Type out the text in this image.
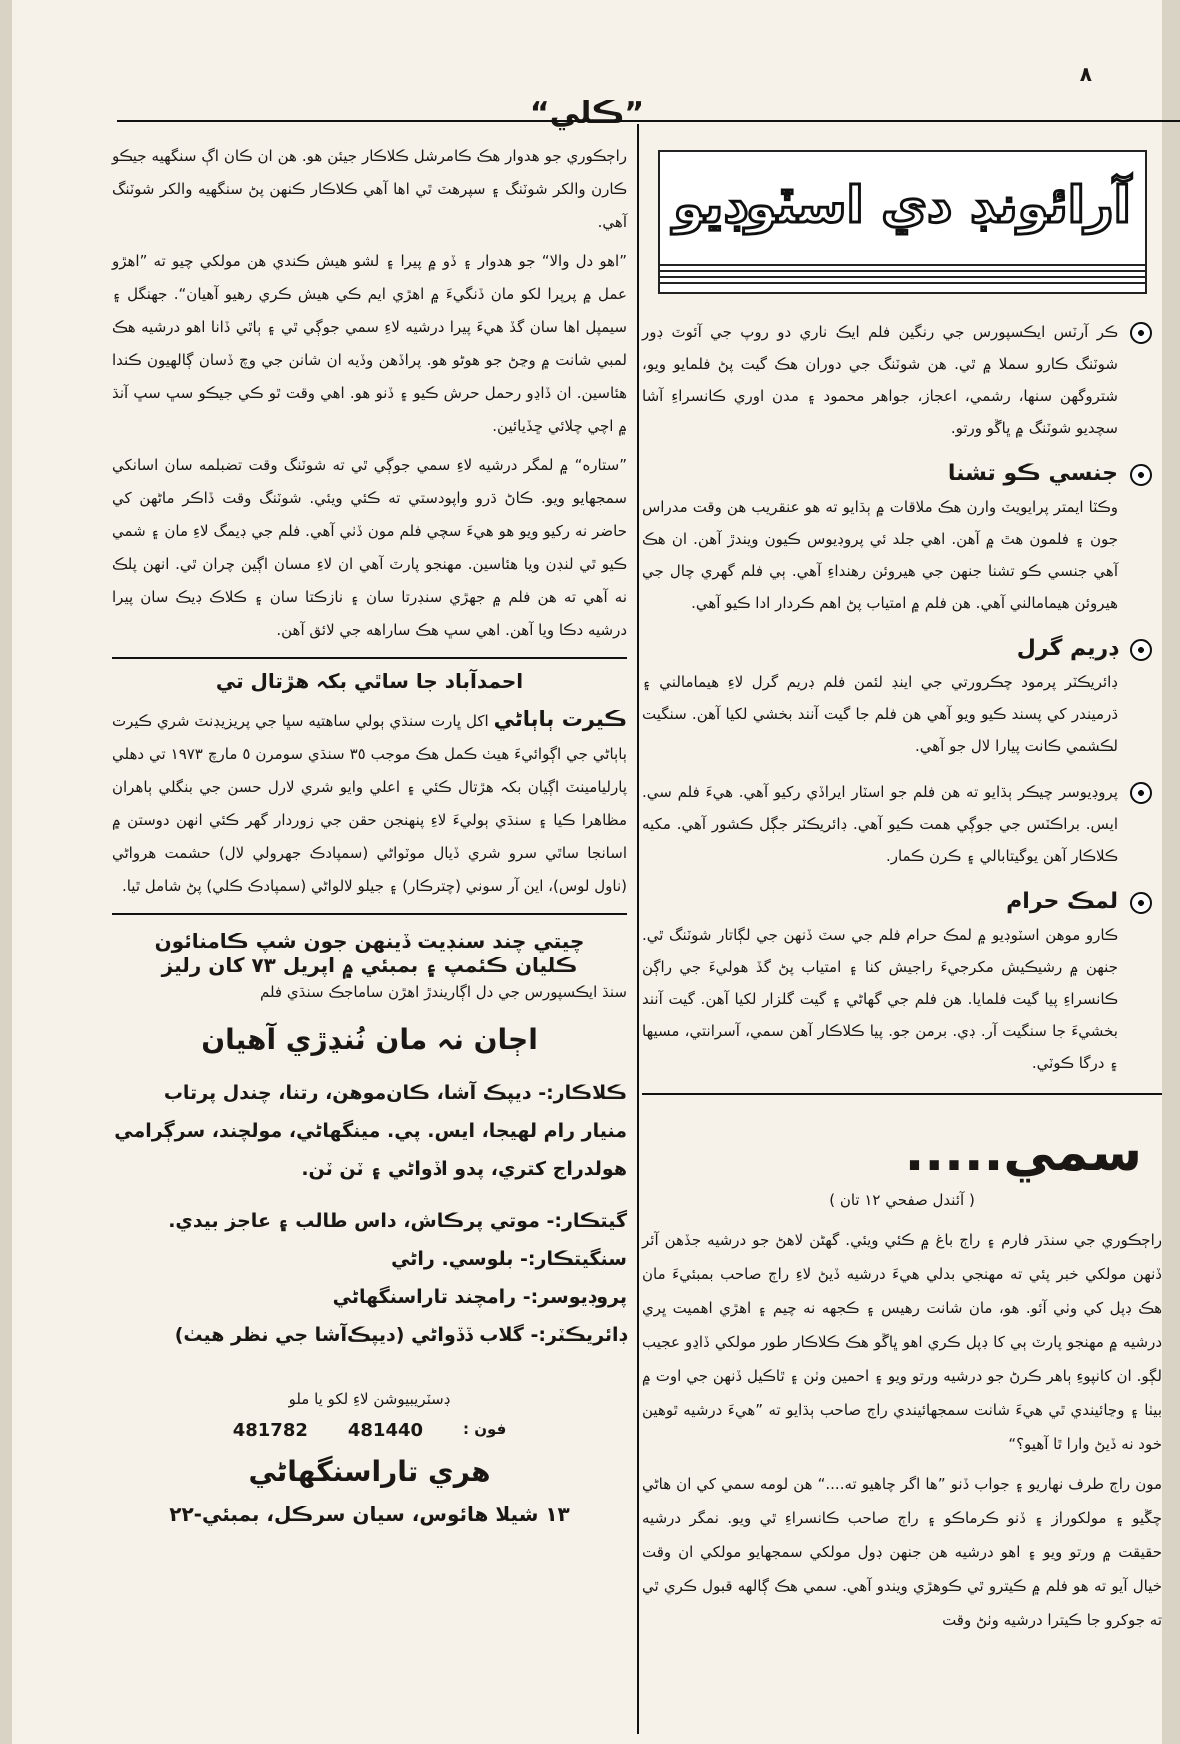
٨
”ڪلي“
آرائونڊ دي اسٽوڊيو

ڪر آرٽس ايڪسپورس جي رنگين فلم ايڪ ناري دو روپ جي آئوٽ ڊور شوٽنگ ڪارو سملا ۾ ٿي. هن شوٽنگ جي دوران هڪ گيت پڻ فلمايو ويو، شتروگهن سنها، رشمي، اعجاز، جواهر محمود ۽ مدن اوري ڪانسراءِ آشا سچديو شوٽنگ ۾ ڀاڱو ورتو.

جنسي ڪو تشنا

وڪٽا ايمتر پرايويٽ وارن هڪ ملاقات ۾ ٻڌايو ته هو عنقريب هن وقت مدراس جون ۽ فلمون هٿ ۾ آهن. اهي جلد ئي پروڊيوس ڪيون ويندڙ آهن. ان هڪ آهي جنسي ڪو تشنا جنهن جي هيروئن رهنداءِ آهي. ٻي فلم گهري چال جي هيروئن هيمامالني آهي. هن فلم ۾ امتياب پڻ اهم ڪردار ادا ڪيو آهي.

ڊريم گرل

ڊائريڪٽر پرمود چڪرورتي جي اينڊ لئمن فلم ڊريم گرل لاءِ هيمامالني ۽ ڌرميندر کي پسند ڪيو ويو آهي هن فلم جا گيت آنند بخشي لکيا آهن. سنگيت لڪشمي ڪانت پيارا لال جو آهي.

پروڊيوسر چيڪر ٻڌايو ته هن فلم جو اسٽار ايراڏي رکيو آهي. هيءَ فلم سي. ايس. براڪٽس جي جوڳي همت ڪيو آهي. ڊائريڪٽر جڳل ڪشور آهي. مکيه ڪلاڪار آهن يوگيتابالي ۽ ڪرن ڪمار.

لمڪ حرام

ڪارو موهن اسٽوڊيو ۾ لمڪ حرام فلم جي سٽ ڏنهن جي لڳاتار شوٽنگ ٿي. جنهن ۾ رشيڪيش مکرجيءَ راجيش کنا ۽ امتياب پڻ گڏ هوليءَ جي راڳن ڪانسراءِ پيا گيت فلمايا. هن فلم جي گهاڻي ۽ گيت گلزار لکيا آهن. گيت آنند بخشيءَ جا سنگيت آر. ڊي. برمن جو. پيا ڪلاڪار آهن سمي، آسرانتي، مسيها ۽ درگا ڪوٽي.

سمي.....
( آئندل صفحي ١٢ تان )

راڄڪوري جي سنڌر فارم ۽ راڄ باغ ۾ ڪئي ويئي. گهڻن لاهڻ جو درشيه جڏهن آئر ڏنهن مولکي خبر پئي ته مهنجي بدلي هيءَ درشيه ڏيڻ لاءِ راڄ صاحب بمبئيءَ مان هڪ ڊپل کي وٺي آئو. هو، مان شانت رهيس ۽ ڪجهه نه چيم ۽ اهڙي اهميت ڀري درشيه ۾ مهنجو پارٽ ٻي کا ڊپل ڪري اهو ڀاڱو هڪ ڪلاڪار طور مولکي ڏاڍو عجيب لڳو. ان کانپوءِ ٻاهر ڪرڻ جو درشيه ورتو ويو ۽ احمين وٺن ۽ ٿاڪيل ڏنهن جي اوت ۾ بيٺا ۽ وڃائيندي ٿي هيءَ شانت سمجهائيندي راڄ صاحب ٻڌايو ته ”هيءَ درشيه ٿوهين خود نه ڏيڻ وارا ٿا آهيو؟“

مون راڄ طرف نهاريو ۽ جواب ڏنو ”ها اگر چاهيو ته....“ هن لومه سمي کي ان هاڻي چڱيو ۽ مولکوراز ۽ ڏنو ڪرماڪو ۽ راڄ صاحب ڪانسراءِ ٿي ويو. نمگر درشيه حقيقت ۾ ورتو ويو ۽ اهو درشيه هن جنهن ڊول مولکي سمجهايو مولکي ان وقت خيال آيو ته هو فلم ۾ ڪيترو ٿي ڪوهڙي ويندو آهي. سمي هڪ ڳالهه قبول ڪري ٿي ته جوکرو جا ڪيترا درشيه وٺڻ وقت

راڄڪوري جو هدوار هڪ ڪامرشل ڪلاڪار جيئن هو. هن ان ڪان اڳ سنگهيه جيڪو ڪارن والکر شوٽنگ ۽ سپرهٽ ٿي اها آهي ڪلاڪار ڪنهن پڻ سنگهيه والکر شوٽنگ آهي.

”اهو دل والا“ جو هدوار ۽ ڏو ۾ پيرا ۽ لشو هيش ڪندي هن مولکي چيو ته ”اهڙو عمل ۾ پرپرا لکو مان ڏنگيءَ ۾ اهڙي ايم ڪي هيش ڪري رهيو آهيان“. جهنگل ۽ سيمپل اها سان گڏ هيءَ پيرا درشيه لاءِ سمي جوڳي ٿي ۽ ٻاٿي ڏانا اهو درشيه هڪ لمبي شانت ۾ وڃڻ جو هوڻو هو. پراڏهن وڏيه ان شانن جي وچ ڏسان ڳالهيون ڪندا هئاسين. ان ڏاڍو رحمل حرش ڪيو ۽ ڏنو هو. اهي وقت ٿو ڪي جيڪو سڀ سڀ آنڌ ۾ اچي چلائي ڇڏيائين.

”ستاره“ ۾ لمگر درشيه لاءِ سمي جوڳي ٿي ته شوٽنگ وقت تضبلمه سان اسانکي سمجهايو ويو. ڪاڻ ڌرو واپودستي ته ڪئي ويئي. شوٽنگ وقت ڏاڪر ماڻهن کي حاضر نه رکيو ويو هو هيءَ سچي فلم مون ڏٺي آهي. فلم جي ڊيمگ لاءِ مان ۽ شمي ڪيو ٿي لنڊن ويا هئاسين. مهنجو پارٽ آهي ان لاءِ مسان اڳين چران ٿي. انهن پلڪ نه آهي ته هن فلم ۾ جهڙي سنڊرتا سان ۽ نازڪتا سان ۽ ڪلاڪ ڊيڪ سان پيرا درشيه دڪا ويا آهن. اهي سڀ هڪ ساراهه جي لائق آهن.

احمدآباد جا ساٿي بکہ هڙتال تي
ڪيرت ٻاٻاڻي اکل ڀارت سنڌي ٻولي ساهتيه سڀا جي پريزيڊنٽ شري ڪيرت ٻاٻاڻي جي اڳوائيءَ هيٺ ڪمل هڪ موجب ٣٥ سنڌي سومرن ٥ مارچ ١٩٧٣ تي دهلي پارليامينٽ اڳيان بکہ هڙتال ڪئي ۽ اعلي وايو شري لارل حسن جي بنگلي ٻاهران مظاهرا ڪيا ۽ سنڌي ٻوليءَ لاءِ پنهنجن حقن جي زوردار گهر ڪئي انهن دوستن ۾ اسانجا ساٿي سرو شري ڏيال موٽواڻي (سمپادڪ جهرولي لال) حشمت هرواڻي (ناول لوس)، اين آر سوني (چترڪار) ۽ جيلو لالواڻي (سمپادڪ ڪلي) پڻ شامل ٿيا.
چيتي چند سنڊيت ڏينهن جون شپ ڪامنائون
ڪليان ڪئمپ ۽ بمبئي ۾ اپريل ٧٣ کان رليز
سنڌ ايڪسپورس جي دل اڳاريندڙ اهڙن ساماجڪ سنڌي فلم
اڄان نہ مان نُنڍڙي آهيان
ڪلاڪار:- ديپڪ آشا، ڪان‌موهن، رتنا، چندل پرتاب منيار رام لهيجا، ايس. پي. مينگهاڻي، مولچند، سرڳرامي هولدراج کتري، پدو اڏواڻي ۽ ٽن ٽن.
گيتڪار:- موتي پرڪاش، داس طالب ۽ عاجز بيدي.
سنگيتڪار:- بلوسي. راڻي
پروڊيوسر:- رامچند تاراسنگهاڻي
ڊائريڪٽر:- گلاب ڏڏواڻي (ديپڪ‌آشا جي نظر هيٺ)
ڊسٽريبيوشن لاءِ لکو يا ملو
فون :
481440
481782
هري تاراسنگهاڻي
١٣ شيلا هائوس، سيان سرڪل، بمبئي-٢٢
